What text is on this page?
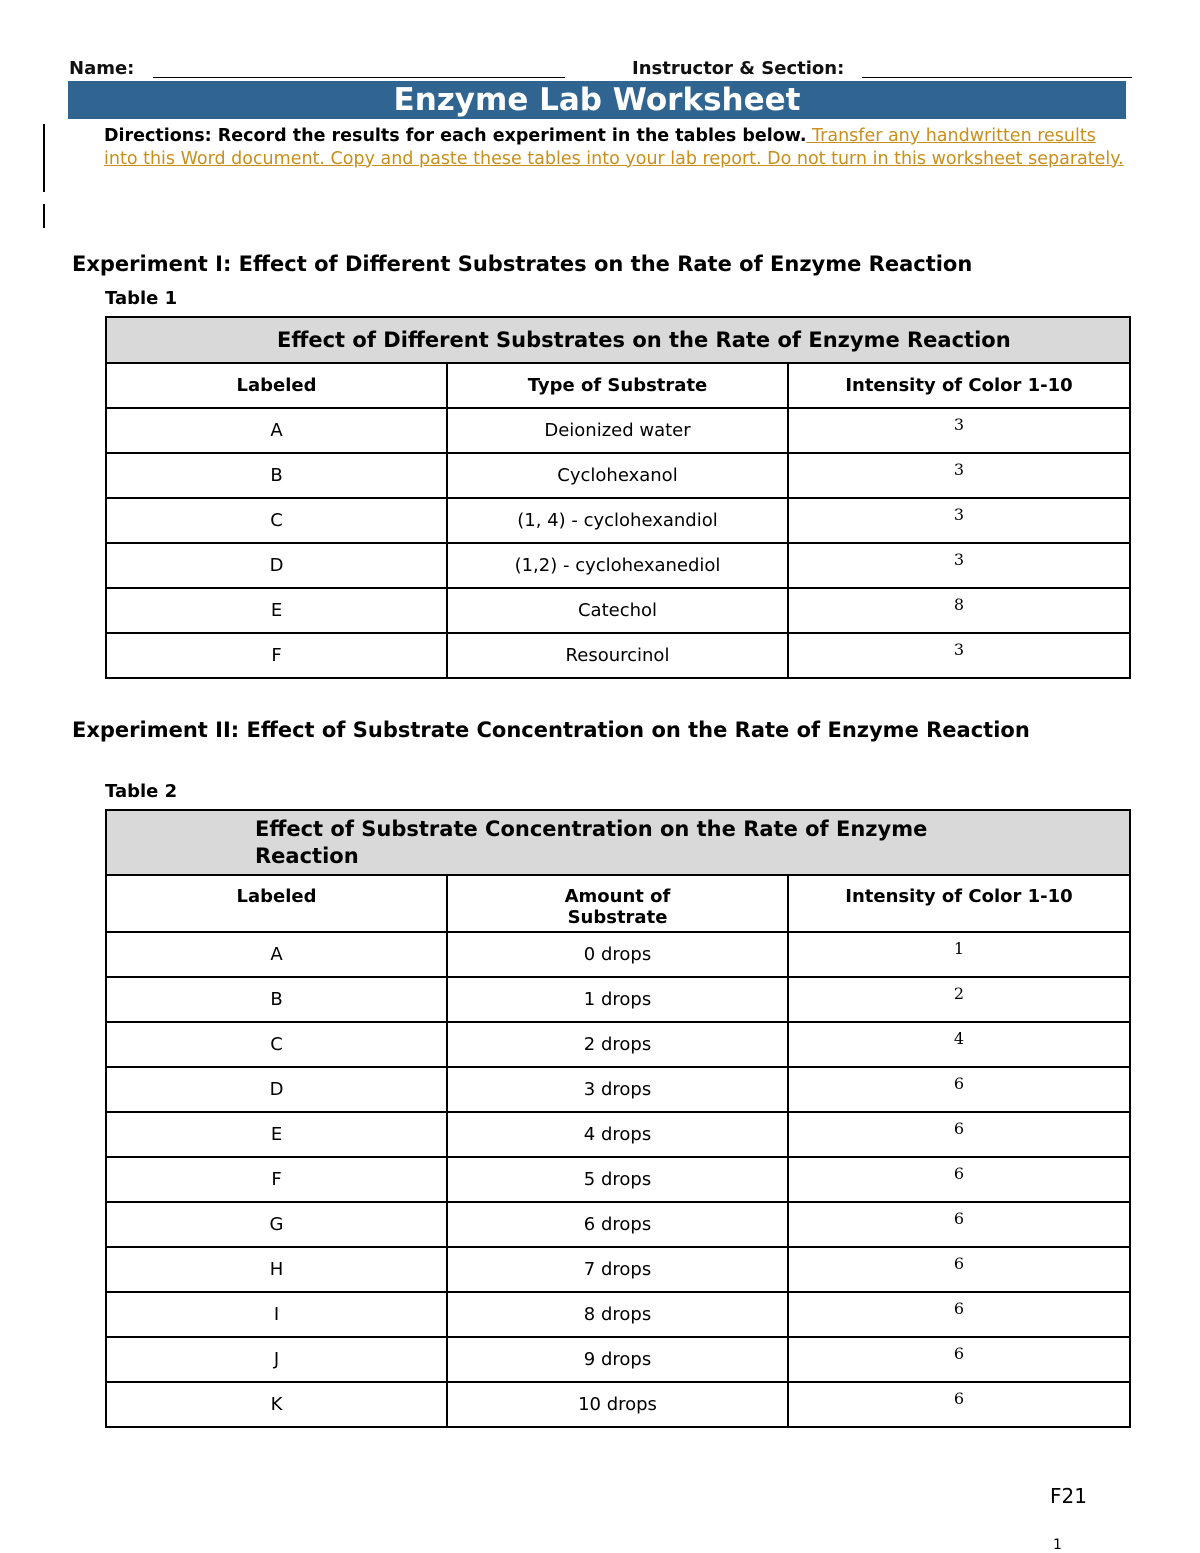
Name:	Instructor & Section:
Enzyme Lab Worksheet
Directions: Record the results for each experiment in the tables below. Transfer any handwritten results into this Word document. Copy and paste these tables into your lab report. Do not turn in this worksheet separately.
Experiment I: Effect of Different Substrates on the Rate of Enzyme Reaction
Table 1
Effect of Different Substrates on the Rate of Enzyme Reaction		
Labeled	Type of Substrate	Intensity of Color 1-10
A	Deionized water	3
B	Cyclohexanol	3
C	(1, 4) - cyclohexandiol	3
D	(1,2) - cyclohexanediol	3
E	Catechol	8
F	Resourcinol	3
Experiment II: Effect of Substrate Concentration on the Rate of Enzyme Reaction
Table 2
Effect of Substrate Concentration on the Rate of Enzyme Reaction		
Labeled	Amount of Substrate	Intensity of Color 1-10
A	0 drops	1
B	1 drops	2
C	2 drops	4
D	3 drops	6
E	4 drops	6
F	5 drops	6
G	6 drops	6
H	7 drops	6
I	8 drops	6
J	9 drops	6
K	10 drops	6
F21
1
